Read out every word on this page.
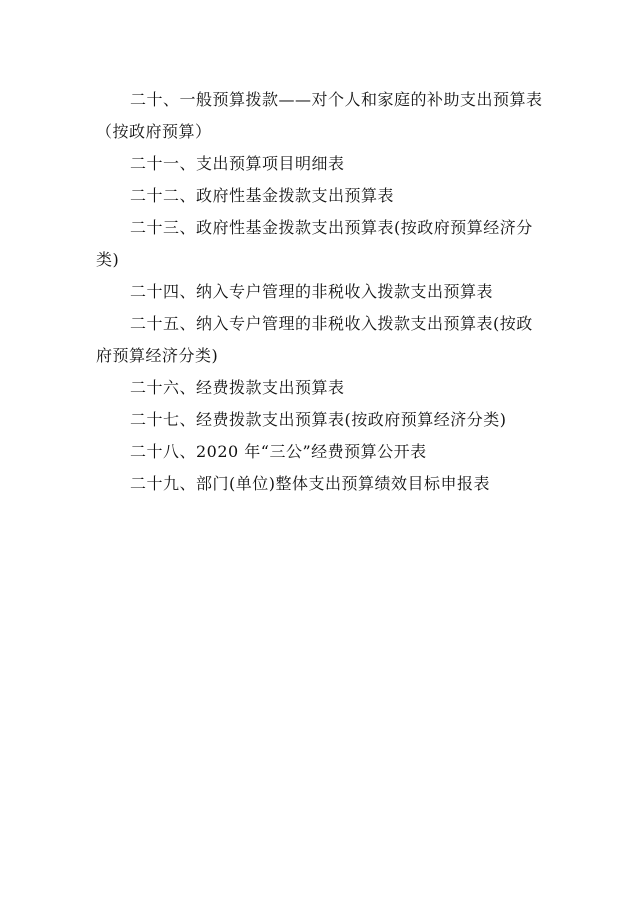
二十、一般预算拨款——对个人和家庭的补助支出预算表（按政府预算）

二十一、支出预算项目明细表

二十二、政府性基金拨款支出预算表

二十三、政府性基金拨款支出预算表(按政府预算经济分类)

二十四、纳入专户管理的非税收入拨款支出预算表

二十五、纳入专户管理的非税收入拨款支出预算表(按政府预算经济分类)

二十六、经费拨款支出预算表

二十七、经费拨款支出预算表(按政府预算经济分类)

二十八、2020 年“三公”经费预算公开表

二十九、部门(单位)整体支出预算绩效目标申报表
